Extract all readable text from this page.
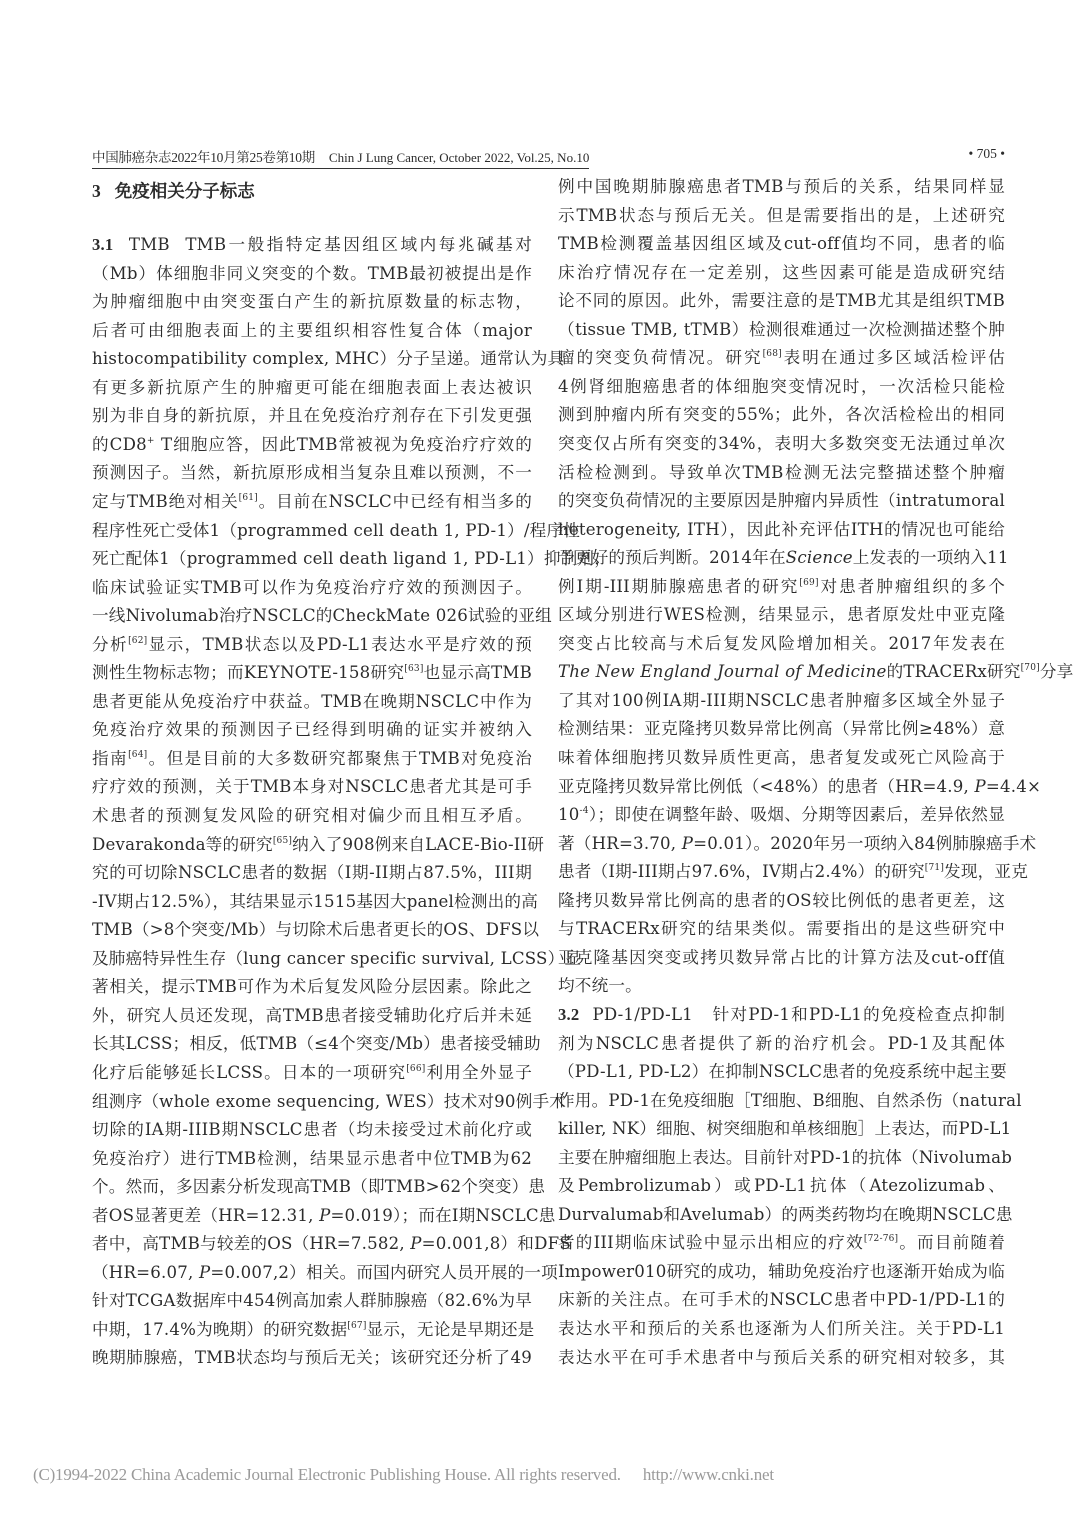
中国肺癌杂志2022年10月第25卷第10期 Chin J Lung Cancer, October 2022, Vol.25, No.10	• 705 •
3 免疫相关分子标志
3.1  TMB  TMB一般指特定基因组区域内每兆碱基对
（Mb）体细胞非同义突变的个数。TMB最初被提出是作
为肿瘤细胞中由突变蛋白产生的新抗原数量的标志物，
后者可由细胞表面上的主要组织相容性复合体（major
histocompatibility complex, MHC）分子呈递。通常认为具
有更多新抗原产生的肿瘤更可能在细胞表面上表达被识
别为非自身的新抗原，并且在免疫治疗剂存在下引发更强
的CD8+ T细胞应答，因此TMB常被视为免疫治疗疗效的
预测因子。当然，新抗原形成相当复杂且难以预测，不一
定与TMB绝对相关[61]。目前在NSCLC中已经有相当多的
程序性死亡受体1（programmed cell death 1, PD-1）/程序性
死亡配体1（programmed cell death ligand 1, PD-L1）抑制剂，
临床试验证实TMB可以作为免疫治疗疗效的预测因子。
一线Nivolumab治疗NSCLC的CheckMate 026试验的亚组
分析[62]显示，TMB状态以及PD-L1表达水平是疗效的预
测性生物标志物；而KEYNOTE-158研究[63]也显示高TMB
患者更能从免疫治疗中获益。TMB在晚期NSCLC中作为
免疫治疗效果的预测因子已经得到明确的证实并被纳入
指南[64]。但是目前的大多数研究都聚焦于TMB对免疫治
疗疗效的预测，关于TMB本身对NSCLC患者尤其是可手
术患者的预测复发风险的研究相对偏少而且相互矛盾。
Devarakonda等的研究[65]纳入了908例来自LACE-Bio-II研
究的可切除NSCLC患者的数据（I期-II期占87.5%，III期
-IV期占12.5%），其结果显示1515基因大panel检测出的高
TMB（>8个突变/Mb）与切除术后患者更长的OS、DFS以
及肺癌特异性生存（lung cancer specific survival, LCSS）显
著相关，提示TMB可作为术后复发风险分层因素。除此之
外，研究人员还发现，高TMB患者接受辅助化疗后并未延
长其LCSS；相反，低TMB（≤4个突变/Mb）患者接受辅助
化疗后能够延长LCSS。日本的一项研究[66]利用全外显子
组测序（whole exome sequencing, WES）技术对90例手术
切除的IA期-IIIB期NSCLC患者（均未接受过术前化疗或
免疫治疗）进行TMB检测，结果显示患者中位TMB为62
个。然而，多因素分析发现高TMB（即TMB>62个突变）患
者OS显著更差（HR=12.31, P=0.019）；而在I期NSCLC患
者中，高TMB与较差的OS（HR=7.582, P=0.001,8）和DFS
（HR=6.07, P=0.007,2）相关。而国内研究人员开展的一项
针对TCGA数据库中454例高加索人群肺腺癌（82.6%为早
中期，17.4%为晚期）的研究数据[67]显示，无论是早期还是
晚期肺腺癌，TMB状态均与预后无关；该研究还分析了49
例中国晚期肺腺癌患者TMB与预后的关系，结果同样显
示TMB状态与预后无关。但是需要指出的是，上述研究
TMB检测覆盖基因组区域及cut-off值均不同，患者的临
床治疗情况存在一定差别，这些因素可能是造成研究结
论不同的原因。此外，需要注意的是TMB尤其是组织TMB
（tissue TMB, tTMB）检测很难通过一次检测描述整个肿
瘤的突变负荷情况。研究[68]表明在通过多区域活检评估
4例肾细胞癌患者的体细胞突变情况时，一次活检只能检
测到肿瘤内所有突变的55%；此外，各次活检检出的相同
突变仅占所有突变的34%，表明大多数突变无法通过单次
活检检测到。导致单次TMB检测无法完整描述整个肿瘤
的突变负荷情况的主要原因是肿瘤内异质性（intratumoral
heterogeneity, ITH），因此补充评估ITH的情况也可能给
予更好的预后判断。2014年在Science上发表的一项纳入11
例I期-III期肺腺癌患者的研究[69]对患者肿瘤组织的多个
区域分别进行WES检测，结果显示，患者原发灶中亚克隆
突变占比较高与术后复发风险增加相关。2017年发表在
The New England Journal of Medicine的TRACERx研究[70]分享
了其对100例IA期-III期NSCLC患者肿瘤多区域全外显子
检测结果：亚克隆拷贝数异常比例高（异常比例≥48%）意
味着体细胞拷贝数异质性更高，患者复发或死亡风险高于
亚克隆拷贝数异常比例低（<48%）的患者（HR=4.9, P=4.4×
$10^{-4}$）；即使在调整年龄、吸烟、分期等因素后，差异依然显
著（HR=3.70, P=0.01）。2020年另一项纳入84例肺腺癌手术
患者（I期-III期占97.6%，IV期占2.4%）的研究[71]发现，亚克
隆拷贝数异常比例高的患者的OS较比例低的患者更差，这
与TRACERx研究的结果类似。需要指出的是这些研究中
亚克隆基因突变或拷贝数异常占比的计算方法及cut-off值
均不统一。
3.2  PD-1/PD-L1   针对PD-1和PD-L1的免疫检查点抑制
剂为NSCLC患者提供了新的治疗机会。PD-1及其配体
（PD-L1, PD-L2）在抑制NSCLC患者的免疫系统中起主要
作用。PD-1在免疫细胞［T细胞、B细胞、自然杀伤（natural
killer, NK）细胞、树突细胞和单核细胞］上表达，而PD-L1
主要在肿瘤细胞上表达。目前针对PD-1的抗体（Nivolumab
及Pembrolizumab）或PD-L1抗体（Atezolizumab、
Durvalumab和Avelumab）的两类药物均在晚期NSCLC患
者的III期临床试验中显示出相应的疗效[72-76]。而目前随着
Impower010研究的成功，辅助免疫治疗也逐渐开始成为临
床新的关注点。在可手术的NSCLC患者中PD-1/PD-L1的
表达水平和预后的关系也逐渐为人们所关注。关于PD-L1
表达水平在可手术患者中与预后关系的研究相对较多，其
(C)1994-2022 China Academic Journal Electronic Publishing House. All rights reserved. http://www.cnki.net
